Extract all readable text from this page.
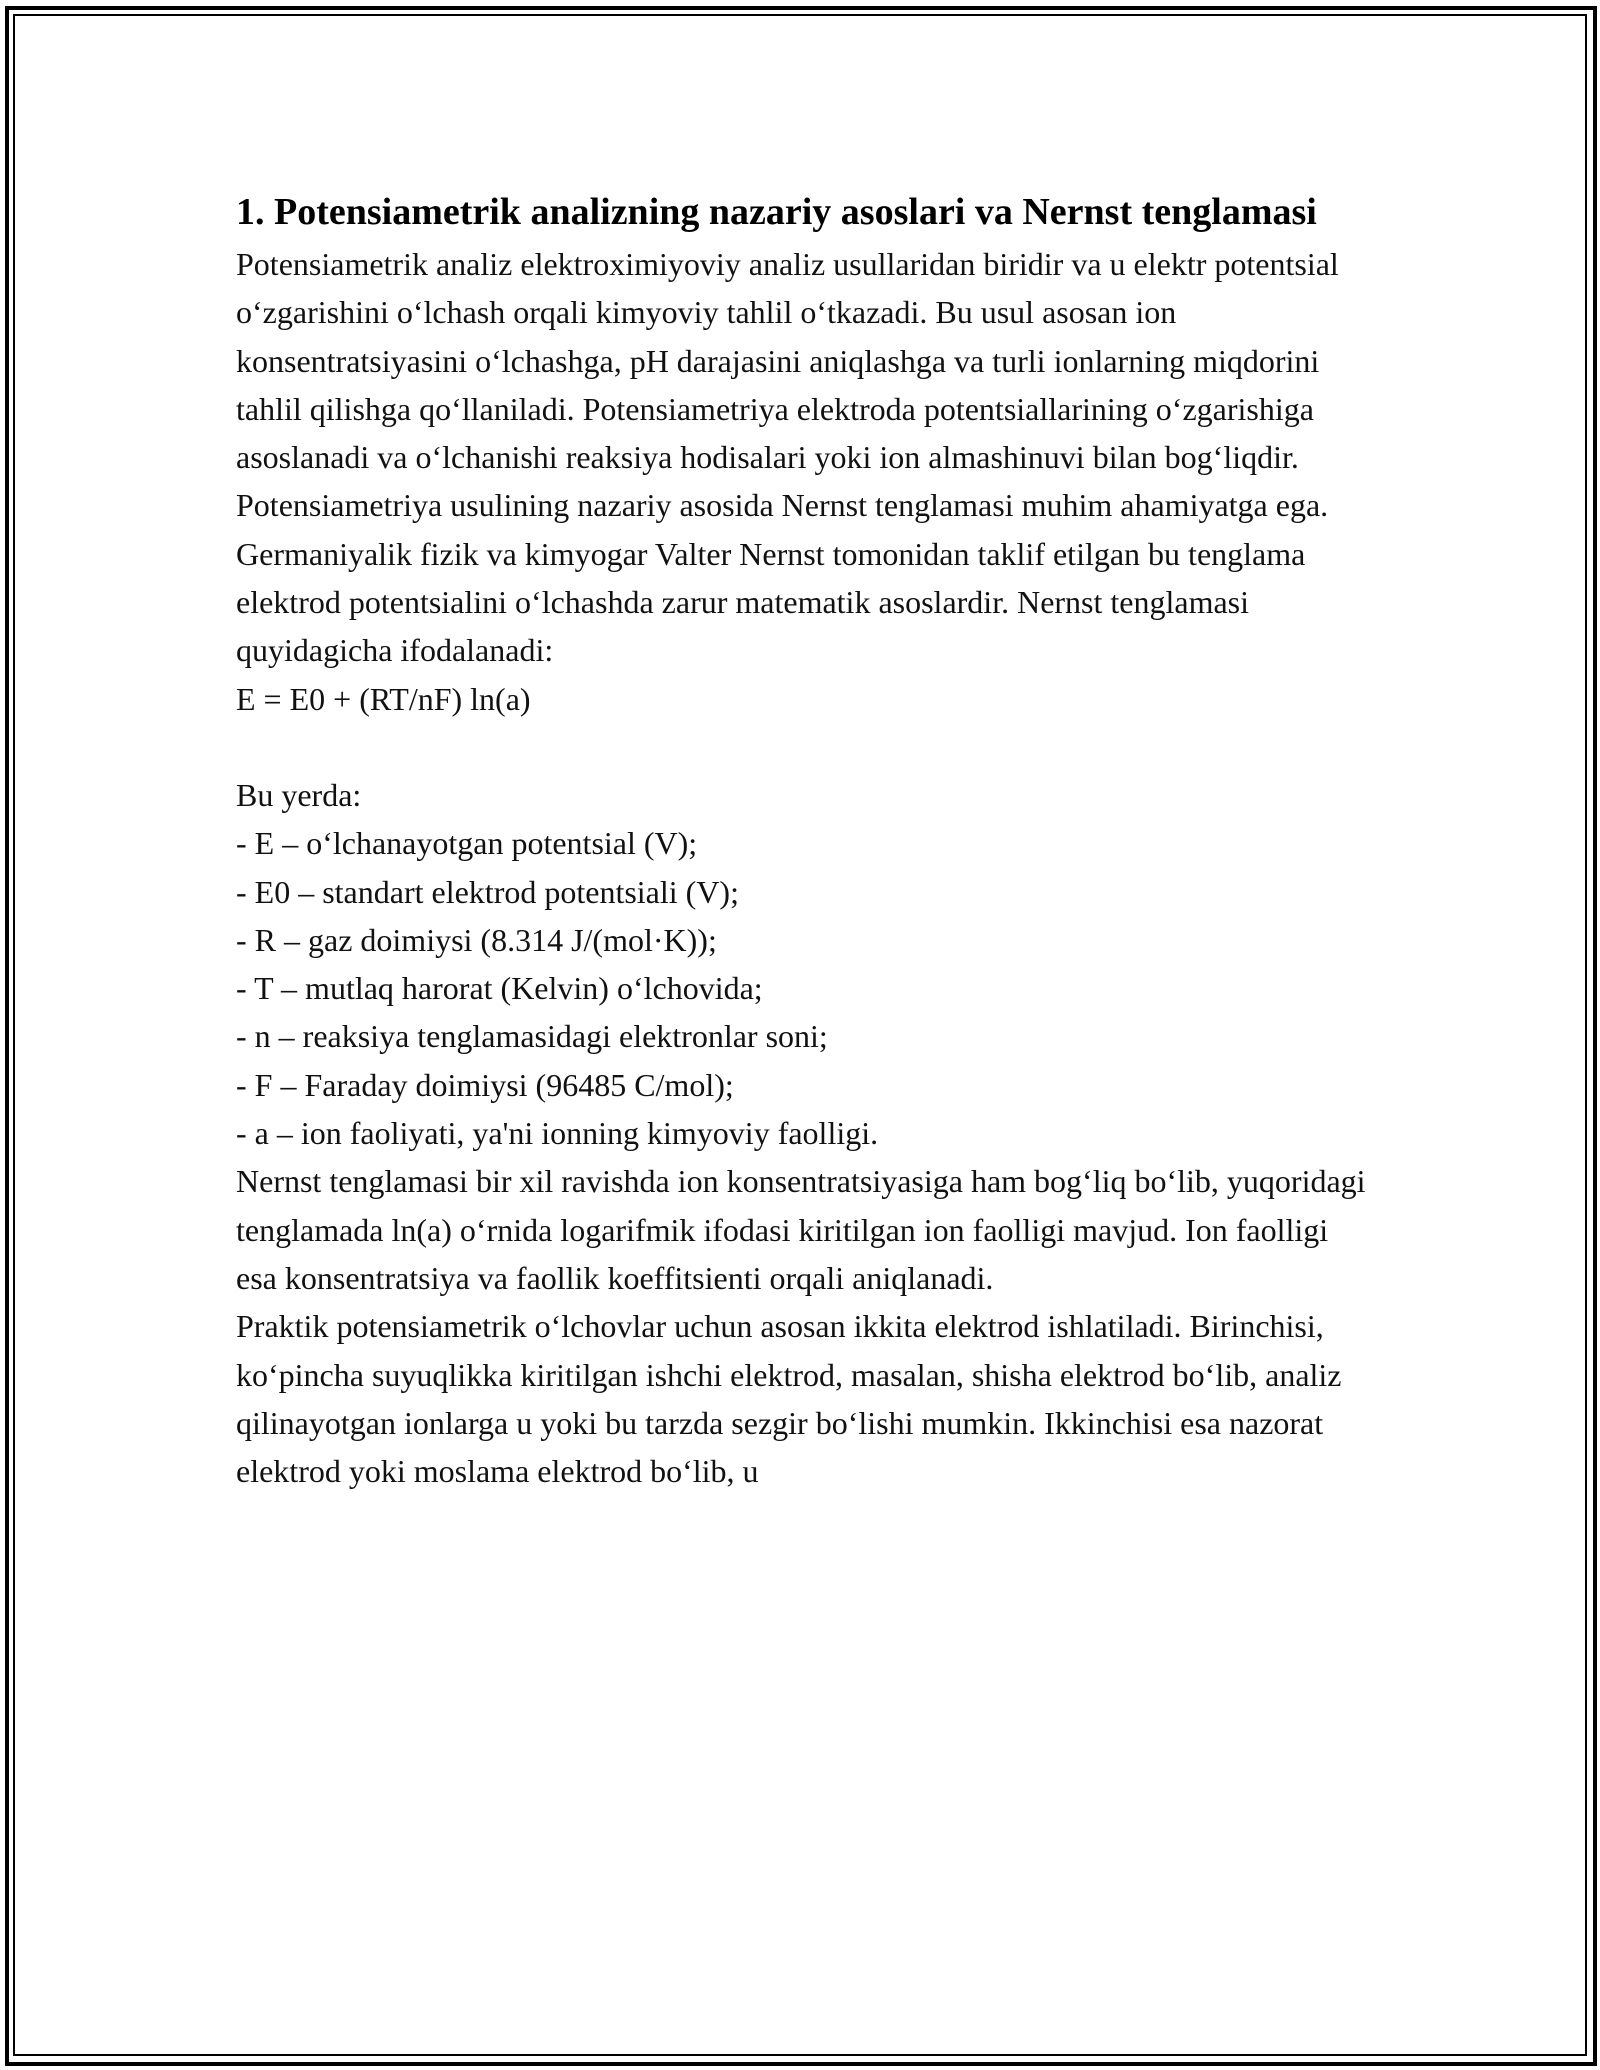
1. Potensiametrik analizning nazariy asoslari va Nernst tenglamasi

Potensiametrik analiz elektroximiyoviy analiz usullaridan biridir va u elektr potentsial o‘zgarishini o‘lchash orqali kimyoviy tahlil o‘tkazadi. Bu usul asosan ion konsentratsiyasini o‘lchashga, pH darajasini aniqlashga va turli ionlarning miqdorini tahlil qilishga qo‘llaniladi. Potensiametriya elektroda potentsiallarining o‘zgarishiga asoslanadi va o‘lchanishi reaksiya hodisalari yoki ion almashinuvi bilan bog‘liqdir.

Potensiametriya usulining nazariy asosida Nernst tenglamasi muhim ahamiyatga ega. Germaniyalik fizik va kimyogar Valter Nernst tomonidan taklif etilgan bu tenglama elektrod potentsialini o‘lchashda zarur matematik asoslardir. Nernst tenglamasi quyidagicha ifodalanadi:

E = E0 + (RT/nF) ln(a)

Bu yerda:

- E – o‘lchanayotgan potentsial (V);
- E0 – standart elektrod potentsiali (V);
- R – gaz doimiysi (8.314 J/(mol·K));
- T – mutlaq harorat (Kelvin) o‘lchovida;
- n – reaksiya tenglamasidagi elektronlar soni;
- F – Faraday doimiysi (96485 C/mol);
- a – ion faoliyati, ya'ni ionning kimyoviy faolligi.

Nernst tenglamasi bir xil ravishda ion konsentratsiyasiga ham bog‘liq bo‘lib, yuqoridagi tenglamada ln(a) o‘rnida logarifmik ifodasi kiritilgan ion faolligi mavjud. Ion faolligi esa konsentratsiya va faollik koeffitsienti orqali aniqlanadi.

Praktik potensiametrik o‘lchovlar uchun asosan ikkita elektrod ishlatiladi. Birinchisi, ko‘pincha suyuqlikka kiritilgan ishchi elektrod, masalan, shisha elektrod bo‘lib, analiz qilinayotgan ionlarga u yoki bu tarzda sezgir bo‘lishi mumkin. Ikkinchisi esa nazorat elektrod yoki moslama elektrod bo‘lib, u
